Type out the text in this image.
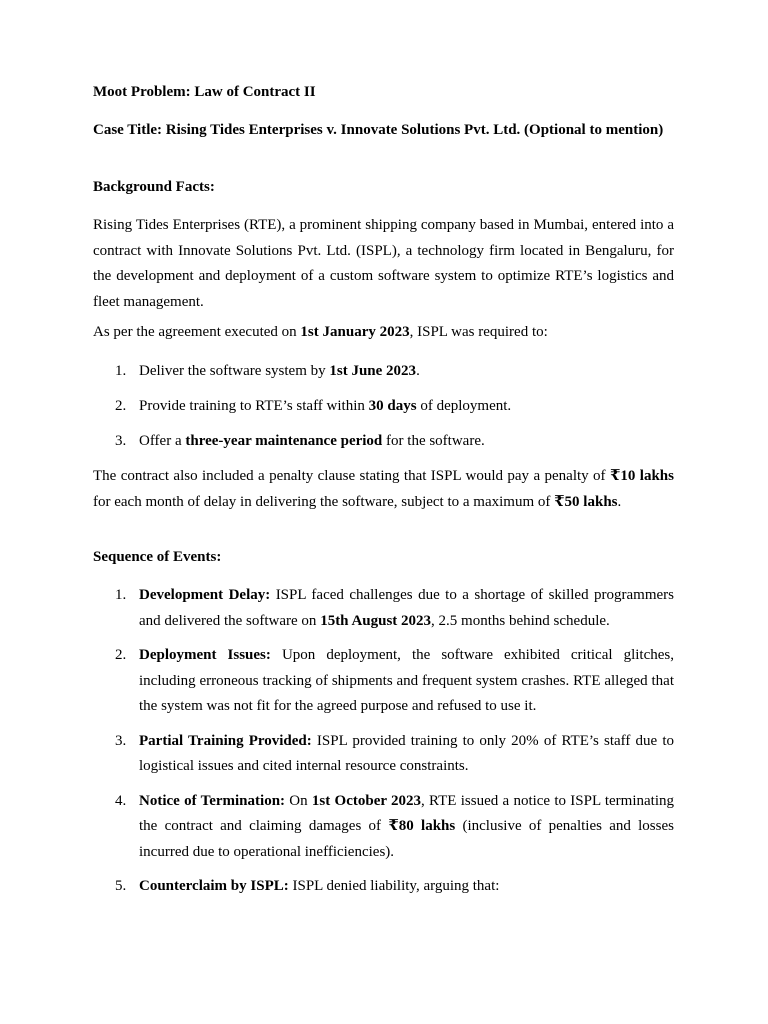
Moot Problem: Law of Contract II
Case Title: Rising Tides Enterprises v. Innovate Solutions Pvt. Ltd. (Optional to mention)
Background Facts:
Rising Tides Enterprises (RTE), a prominent shipping company based in Mumbai, entered into a contract with Innovate Solutions Pvt. Ltd. (ISPL), a technology firm located in Bengaluru, for the development and deployment of a custom software system to optimize RTE’s logistics and fleet management.
As per the agreement executed on 1st January 2023, ISPL was required to:
1. Deliver the software system by 1st June 2023.
2. Provide training to RTE’s staff within 30 days of deployment.
3. Offer a three-year maintenance period for the software.
The contract also included a penalty clause stating that ISPL would pay a penalty of ₹10 lakhs for each month of delay in delivering the software, subject to a maximum of ₹50 lakhs.
Sequence of Events:
1. Development Delay: ISPL faced challenges due to a shortage of skilled programmers and delivered the software on 15th August 2023, 2.5 months behind schedule.
2. Deployment Issues: Upon deployment, the software exhibited critical glitches, including erroneous tracking of shipments and frequent system crashes. RTE alleged that the system was not fit for the agreed purpose and refused to use it.
3. Partial Training Provided: ISPL provided training to only 20% of RTE’s staff due to logistical issues and cited internal resource constraints.
4. Notice of Termination: On 1st October 2023, RTE issued a notice to ISPL terminating the contract and claiming damages of ₹80 lakhs (inclusive of penalties and losses incurred due to operational inefficiencies).
5. Counterclaim by ISPL: ISPL denied liability, arguing that:
